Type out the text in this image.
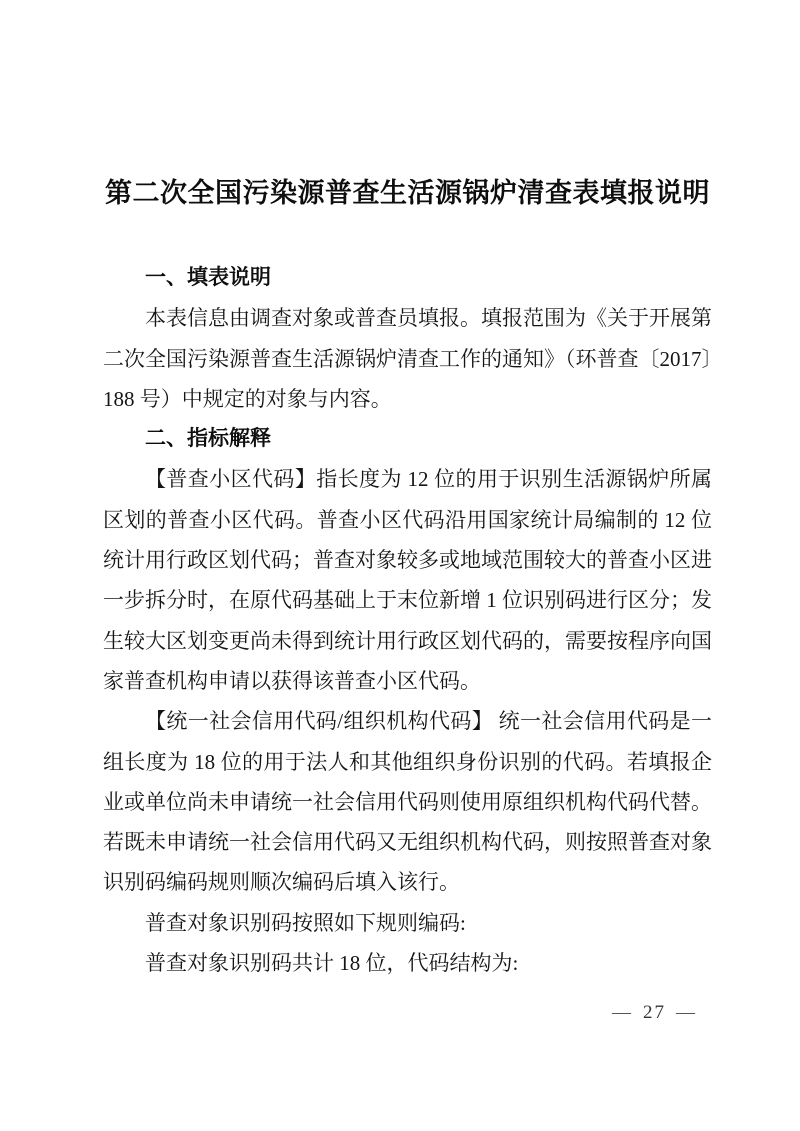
第二次全国污染源普查生活源锅炉清查表填报说明
一、填表说明

本表信息由调查对象或普查员填报。填报范围为《关于开展第二次全国污染源普查生活源锅炉清查工作的通知》（环普查〔2017〕188 号）中规定的对象与内容。

二、指标解释

【普查小区代码】指长度为 12 位的用于识别生活源锅炉所属区划的普查小区代码。普查小区代码沿用国家统计局编制的 12 位统计用行政区划代码；普查对象较多或地域范围较大的普查小区进一步拆分时，在原代码基础上于末位新增 1 位识别码进行区分；发生较大区划变更尚未得到统计用行政区划代码的，需要按程序向国家普查机构申请以获得该普查小区代码。

【统一社会信用代码/组织机构代码】 统一社会信用代码是一组长度为 18 位的用于法人和其他组织身份识别的代码。若填报企业或单位尚未申请统一社会信用代码则使用原组织机构代码代替。若既未申请统一社会信用代码又无组织机构代码，则按照普查对象识别码编码规则顺次编码后填入该行。

普查对象识别码按照如下规则编码:

普查对象识别码共计 18 位，代码结构为:

— 27 —
